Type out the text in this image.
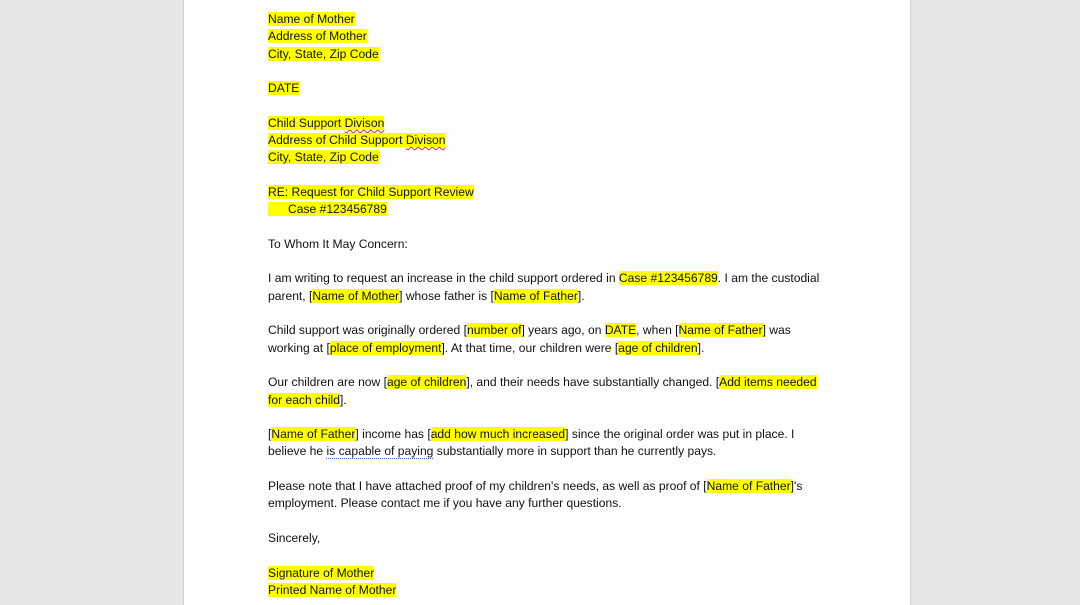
Name of Mother
Address of Mother
City, State, Zip Code
DATE
Child Support Divison
Address of Child Support Divison
City, State, Zip Code
RE: Request for Child Support Review
Case #123456789
To Whom It May Concern:
I am writing to request an increase in the child support ordered in Case #123456789. I am the custodial
parent, [Name of Mother] whose father is [Name of Father].
Child support was originally ordered [number of] years ago, on DATE, when [Name of Father] was
working at [place of employment]. At that time, our children were [age of children].
Our children are now [age of children], and their needs have substantially changed. [Add items needed
for each child].
[Name of Father] income has [add how much increased] since the original order was put in place. I
believe he is capable of paying substantially more in support than he currently pays.
Please note that I have attached proof of my children's needs, as well as proof of [Name of Father]'s
employment. Please contact me if you have any further questions.
Sincerely,
Signature of Mother
Printed Name of Mother
